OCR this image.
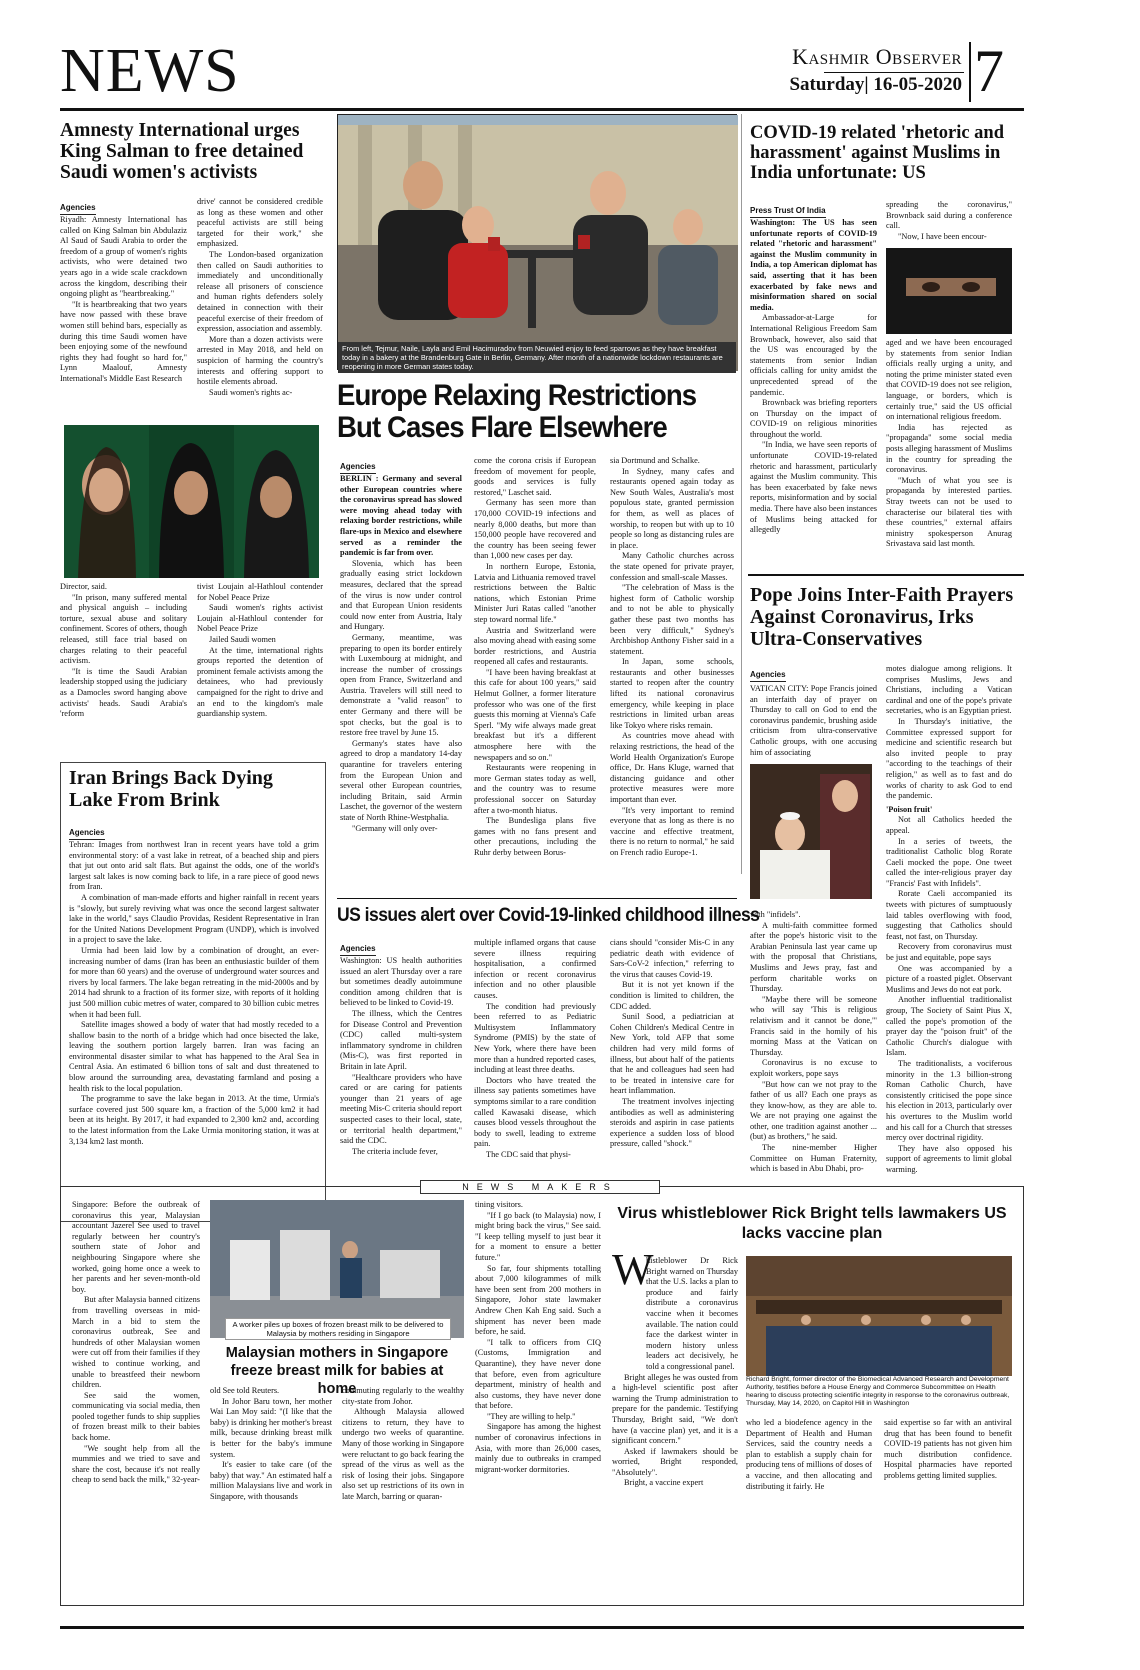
NEWS	Kashmir Observer
Saturday| 16-05-2020 7
Amnesty International urges King Salman to free detained Saudi women's activists
Agencies

Riyadh: Amnesty International has called on King Salman bin Abdulaziz Al Saud of Saudi Arabia to order the freedom of a group of women's rights activists, who were detained two years ago in a wide scale crackdown across the kingdom, describing their ongoing plight as "heartbreaking."

"It is heartbreaking that two years have now passed with these brave women still behind bars, especially as during this time Saudi women have been enjoying some of the newfound rights they had fought so hard for," Lynn Maalouf, Amnesty International's Middle East Research

drive' cannot be considered credible as long as these women and other peaceful activists are still being targeted for their work," she emphasized.

The London-based organization then called on Saudi authorities to immediately and unconditionally release all prisoners of conscience and human rights defenders solely detained in connection with their peaceful exercise of their freedom of expression, association and assembly.

More than a dozen activists were arrested in May 2018, and held on suspicion of harming the country's interests and offering support to hostile elements abroad.

Saudi women's rights ac-

Director, said.

"In prison, many suffered mental and physical anguish – including torture, sexual abuse and solitary confinement. Scores of others, though released, still face trial based on charges relating to their peaceful activism.

"It is time the Saudi Arabian leadership stopped using the judiciary as a Damocles sword hanging above activists' heads. Saudi Arabia's 'reform

tivist Loujain al-Hathloul contender for Nobel Peace Prize

Saudi women's rights activist Loujain al-Hathloul contender for Nobel Peace Prize

Jailed Saudi women

At the time, international rights groups reported the detention of prominent female activists among the detainees, who had previously campaigned for the right to drive and an end to the kingdom's male guardianship system.

Iran Brings Back Dying Lake From Brink
Agencies

Tehran: Images from northwest Iran in recent years have told a grim environmental story: of a vast lake in retreat, of a beached ship and piers that jut out onto arid salt flats. But against the odds, one of the world's largest salt lakes is now coming back to life, in a rare piece of good news from Iran.

A combination of man-made efforts and higher rainfall in recent years is "slowly, but surely reviving what was once the second largest saltwater lake in the world," says Claudio Providas, Resident Representative in Iran for the United Nations Development Program (UNDP), which is involved in a project to save the lake.

Urmia had been laid low by a combination of drought, an ever-increasing number of dams (Iran has been an enthusiastic builder of them for more than 60 years) and the overuse of underground water sources and rivers by local farmers. The lake began retreating in the mid-2000s and by 2014 had shrunk to a fraction of its former size, with reports of it holding just 500 million cubic metres of water, compared to 30 billion cubic metres when it had been full.

Satellite images showed a body of water that had mostly receded to a shallow basin to the north of a bridge which had once bisected the lake, leaving the southern portion largely barren. Iran was facing an environmental disaster similar to what has happened to the Aral Sea in Central Asia. An estimated 6 billion tons of salt and dust threatened to blow around the surrounding area, devastating farmland and posing a health risk to the local population.

The programme to save the lake began in 2013. At the time, Urmia's surface covered just 500 square km, a fraction of the 5,000 km2 it had been at its height. By 2017, it had expanded to 2,300 km2 and, according to the latest information from the Lake Urmia monitoring station, it was at 3,134 km2 last month.

From left, Tejmur, Naile, Layla and Emil Hacimuradov from Neuwied enjoy to feed sparrows as they have breakfast today in a bakery at the Brandenburg Gate in Berlin, Germany. After month of a nationwide lockdown restaurants are reopening in more German states today.
Europe Relaxing Restrictions But Cases Flare Elsewhere
Agencies

BERLIN : Germany and several other European countries where the coronavirus spread has slowed were moving ahead today with relaxing border restrictions, while flare-ups in Mexico and elsewhere served as a reminder the pandemic is far from over.

Slovenia, which has been gradually easing strict lockdown measures, declared that the spread of the virus is now under control and that European Union residents could now enter from Austria, Italy and Hungary.

Germany, meantime, was preparing to open its border entirely with Luxembourg at midnight, and increase the number of crossings open from France, Switzerland and Austria. Travelers will still need to demonstrate a "valid reason" to enter Germany and there will be spot checks, but the goal is to restore free travel by June 15.

Germany's states have also agreed to drop a mandatory 14-day quarantine for travelers entering from the European Union and several other European countries, including Britain, said Armin Laschet, the governor of the western state of North Rhine-Westphalia.

"Germany will only over-

come the corona crisis if European freedom of movement for people, goods and services is fully restored," Laschet said.

Germany has seen more than 170,000 COVID-19 infections and nearly 8,000 deaths, but more than 150,000 people have recovered and the country has been seeing fewer than 1,000 new cases per day.

In northern Europe, Estonia, Latvia and Lithuania removed travel restrictions between the Baltic nations, which Estonian Prime Minister Juri Ratas called "another step toward normal life."

Austria and Switzerland were also moving ahead with easing some border restrictions, and Austria reopened all cafes and restaurants.

"I have been having breakfast at this cafe for about 100 years," said Helmut Gollner, a former literature professor who was one of the first guests this morning at Vienna's Cafe Sperl. "My wife always made great breakfast but it's a different atmosphere here with the newspapers and so on."

Restaurants were reopening in more German states today as well, and the country was to resume professional soccer on Saturday after a two-month hiatus.

The Bundesliga plans five games with no fans present and other precautions, including the Ruhr derby between Borus-

sia Dortmund and Schalke.

In Sydney, many cafes and restaurants opened again today as New South Wales, Australia's most populous state, granted permission for them, as well as places of worship, to reopen but with up to 10 people so long as distancing rules are in place.

Many Catholic churches across the state opened for private prayer, confession and small-scale Masses.

"The celebration of Mass is the highest form of Catholic worship and to not be able to physically gather these past two months has been very difficult," Sydney's Archbishop Anthony Fisher said in a statement.

In Japan, some schools, restaurants and other businesses started to reopen after the country lifted its national coronavirus emergency, while keeping in place restrictions in limited urban areas like Tokyo where risks remain.

As countries move ahead with relaxing restrictions, the head of the World Health Organization's Europe office, Dr. Hans Kluge, warned that distancing guidance and other protective measures were more important than ever.

"It's very important to remind everyone that as long as there is no vaccine and effective treatment, there is no return to normal," he said on French radio Europe-1.

COVID-19 related 'rhetoric and harassment' against Muslims in India unfortunate: US
Press Trust Of India

Washington: The US has seen unfortunate reports of COVID-19 related "rhetoric and harassment" against the Muslim community in India, a top American diplomat has said, asserting that it has been exacerbated by fake news and misinformation shared on social media.

Ambassador-at-Large for International Religious Freedom Sam Brownback, however, also said that the US was encouraged by the statements from senior Indian officials calling for unity amidst the unprecedented spread of the pandemic.

Brownback was briefing reporters on Thursday on the impact of COVID-19 on religious minorities throughout the world.

"In India, we have seen reports of unfortunate COVID-19-related rhetoric and harassment, particularly against the Muslim community. This has been exacerbated by fake news reports, misinformation and by social media. There have also been instances of Muslims being attacked for allegedly

spreading the coronavirus," Brownback said during a conference call.

"Now, I have been encour-

aged and we have been encouraged by statements from senior Indian officials really urging a unity, and noting the prime minister stated even that COVID-19 does not see religion, language, or borders, which is certainly true," said the US official on international religious freedom.

India has rejected as "propaganda" some social media posts alleging harassment of Muslims in the country for spreading the coronavirus.

"Much of what you see is propaganda by interested parties. Stray tweets can not be used to characterise our bilateral ties with these countries," external affairs ministry spokesperson Anurag Srivastava said last month.

Pope Joins Inter-Faith Prayers Against Coronavirus, Irks Ultra-Conservatives
Agencies

VATICAN CITY: Pope Francis joined an interfaith day of prayer on Thursday to call on God to end the coronavirus pandemic, brushing aside criticism from ultra-conservative Catholic groups, with one accusing him of associating

with "infidels".

A multi-faith committee formed after the pope's historic visit to the Arabian Peninsula last year came up with the proposal that Christians, Muslims and Jews pray, fast and perform charitable works on Thursday.

"Maybe there will be someone who will say 'This is religious relativism and it cannot be done,'" Francis said in the homily of his morning Mass at the Vatican on Thursday.

Coronavirus is no excuse to exploit workers, pope says

"But how can we not pray to the father of us all? Each one prays as they know-how, as they are able to. We are not praying one against the other, one tradition against another ... (but) as brothers," he said.

The nine-member Higher Committee on Human Fraternity, which is based in Abu Dhabi, pro-

motes dialogue among religions. It comprises Muslims, Jews and Christians, including a Vatican cardinal and one of the pope's private secretaries, who is an Egyptian priest.

In Thursday's initiative, the Committee expressed support for medicine and scientific research but also invited people to pray "according to the teachings of their religion," as well as to fast and do works of charity to ask God to end the pandemic.

'Poison fruit'

Not all Catholics heeded the appeal.

In a series of tweets, the traditionalist Catholic blog Rorate Caeli mocked the pope. One tweet called the inter-religious prayer day "Francis' Fast with Infidels".

Rorate Caeli accompanied its tweets with pictures of sumptuously laid tables overflowing with food, suggesting that Catholics should feast, not fast, on Thursday.

Recovery from coronavirus must be just and equitable, pope says

One was accompanied by a picture of a roasted piglet. Observant Muslims and Jews do not eat pork.

Another influential traditionalist group, The Society of Saint Pius X, called the pope's promotion of the prayer day the "poison fruit" of the Catholic Church's dialogue with Islam.

The traditionalists, a vociferous minority in the 1.3 billion-strong Roman Catholic Church, have consistently criticised the pope since his election in 2013, particularly over his overtures to the Muslim world and his call for a Church that stresses mercy over doctrinal rigidity.

They have also opposed his support of agreements to limit global warming.

US issues alert over Covid-19-linked childhood illness
Agencies

Washington: US health authorities issued an alert Thursday over a rare but sometimes deadly autoimmune condition among children that is believed to be linked to Covid-19.

The illness, which the Centres for Disease Control and Prevention (CDC) called multi-system inflammatory syndrome in children (Mis-C), was first reported in Britain in late April.

"Healthcare providers who have cared or are caring for patients younger than 21 years of age meeting Mis-C criteria should report suspected cases to their local, state, or territorial health department," said the CDC.

The criteria include fever,

multiple inflamed organs that cause severe illness requiring hospitalisation, a confirmed infection or recent coronavirus infection and no other plausible causes.

The condition had previously been referred to as Pediatric Multisystem Inflammatory Syndrome (PMIS) by the state of New York, where there have been more than a hundred reported cases, including at least three deaths.

Doctors who have treated the illness say patients sometimes have symptoms similar to a rare condition called Kawasaki disease, which causes blood vessels throughout the body to swell, leading to extreme pain.

The CDC said that physi-

cians should "consider Mis-C in any pediatric death with evidence of Sars-CoV-2 infection," referring to the virus that causes Covid-19.

But it is not yet known if the condition is limited to children, the CDC added.

Sunil Sood, a pediatrician at Cohen Children's Medical Centre in New York, told AFP that some children had very mild forms of illness, but about half of the patients that he and colleagues had seen had to be treated in intensive care for heart inflammation.

The treatment involves injecting antibodies as well as administering steroids and aspirin in case patients experience a sudden loss of blood pressure, called "shock."

NEWS MAKERS

Singapore: Before the outbreak of coronavirus this year, Malaysian accountant Jazerel See used to travel regularly between her country's southern state of Johor and neighbouring Singapore where she worked, going home once a week to her parents and her seven-month-old boy.

But after Malaysia banned citizens from travelling overseas in mid-March in a bid to stem the coronavirus outbreak, See and hundreds of other Malaysian women were cut off from their families if they wished to continue working, and unable to breastfeed their newborn children.

See said the women, communicating via social media, then pooled together funds to ship supplies of frozen breast milk to their babies back home.

"We sought help from all the mummies and we tried to save and share the cost, because it's not really cheap to send back the milk," 32-year-

A worker piles up boxes of frozen breast milk to be delivered to Malaysia by mothers residing in Singapore
Malaysian mothers in Singapore freeze breast milk for babies at home

old See told Reuters.

In Johor Baru town, her mother Wai Lan Moy said: "(I like that the baby) is drinking her mother's breast milk, because drinking breast milk is better for the baby's immune system.

It's easier to take care (of the baby) that way." An estimated half a million Malaysians live and work in Singapore, with thousands

commuting regularly to the wealthy city-state from Johor.

Although Malaysia allowed citizens to return, they have to undergo two weeks of quarantine. Many of those working in Singapore were reluctant to go back fearing the spread of the virus as well as the risk of losing their jobs. Singapore also set up restrictions of its own in late March, barring or quaran-

tining visitors.

"If I go back (to Malaysia) now, I might bring back the virus," See said. "I keep telling myself to just bear it for a moment to ensure a better future."

So far, four shipments totalling about 7,000 kilogrammes of milk have been sent from 200 mothers in Singapore, Johor state lawmaker Andrew Chen Kah Eng said. Such a shipment has never been made before, he said.

"I talk to officers from CIQ (Customs, Immigration and Quarantine), they have never done that before, even from agriculture department, ministry of health and also customs, they have never done that before.

"They are willing to help."

Singapore has among the highest number of coronavirus infections in Asia, with more than 26,000 cases, mainly due to outbreaks in cramped migrant-worker dormitories.

Virus whistleblower Rick Bright tells lawmakers US lacks vaccine plan
W

histleblower Dr Rick Bright warned on Thursday that the U.S. lacks a plan to produce and fairly distribute a coronavirus vaccine when it becomes available. The nation could face the darkest winter in modern history unless leaders act decisively, he told a congressional panel.

Bright alleges he was ousted from a high-level scientific post after warning the Trump administration to prepare for the pandemic. Testifying Thursday, Bright said, "We don't have (a vaccine plan) yet, and it is a significant concern."

Asked if lawmakers should be worried, Bright responded, "Absolutely".

Bright, a vaccine expert

Richard Bright, former director of the Biomedical Advanced Research and Development Authority, testifies before a House Energy and Commerce Subcommittee on Health hearing to discuss protecting scientific integrity in response to the coronavirus outbreak, Thursday, May 14, 2020, on Capitol Hill in Washington

who led a biodefence agency in the Department of Health and Human Services, said the country needs a plan to establish a supply chain for producing tens of millions of doses of a vaccine, and then allocating and distributing it fairly. He

said expertise so far with an antiviral drug that has been found to benefit COVID-19 patients has not given him much distribution confidence. Hospital pharmacies have reported problems getting limited supplies.
